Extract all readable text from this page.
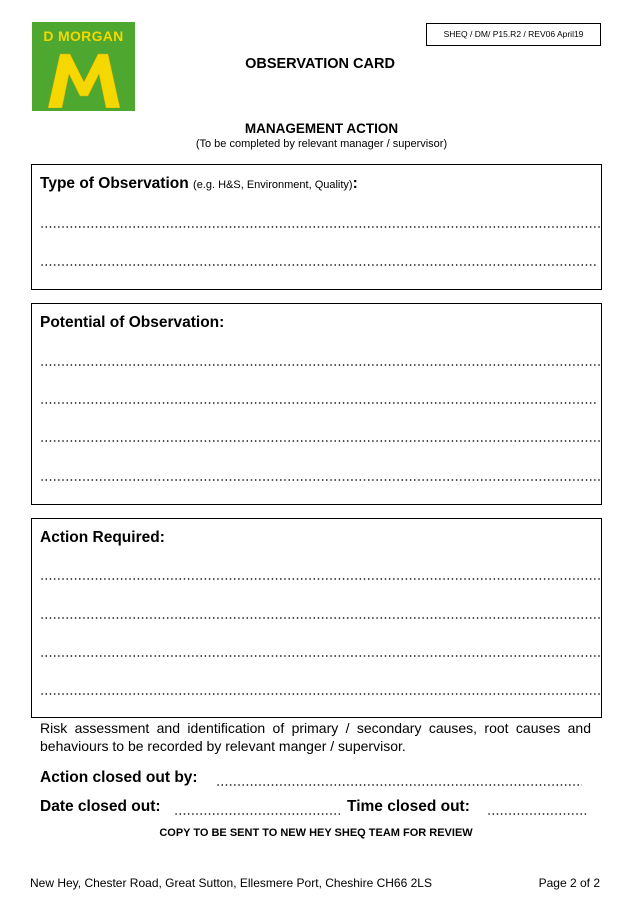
D MORGAN	SHEQ / DM/ P15.R2 / REV06 April19
OBSERVATION CARD
MANAGEMENT ACTION
(To be completed by relevant manager / supervisor)
Type of Observation (e.g. H&S, Environment, Quality):
Potential of Observation:
Action Required:
Risk assessment and identification of primary / secondary causes, root causes and behaviours to be recorded by relevant manger / supervisor.
Action closed out by:
Date closed out:	Time closed out:
COPY TO BE SENT TO NEW HEY SHEQ TEAM FOR REVIEW
New Hey, Chester Road, Great Sutton, Ellesmere Port, Cheshire CH66 2LS	Page 2 of 2
